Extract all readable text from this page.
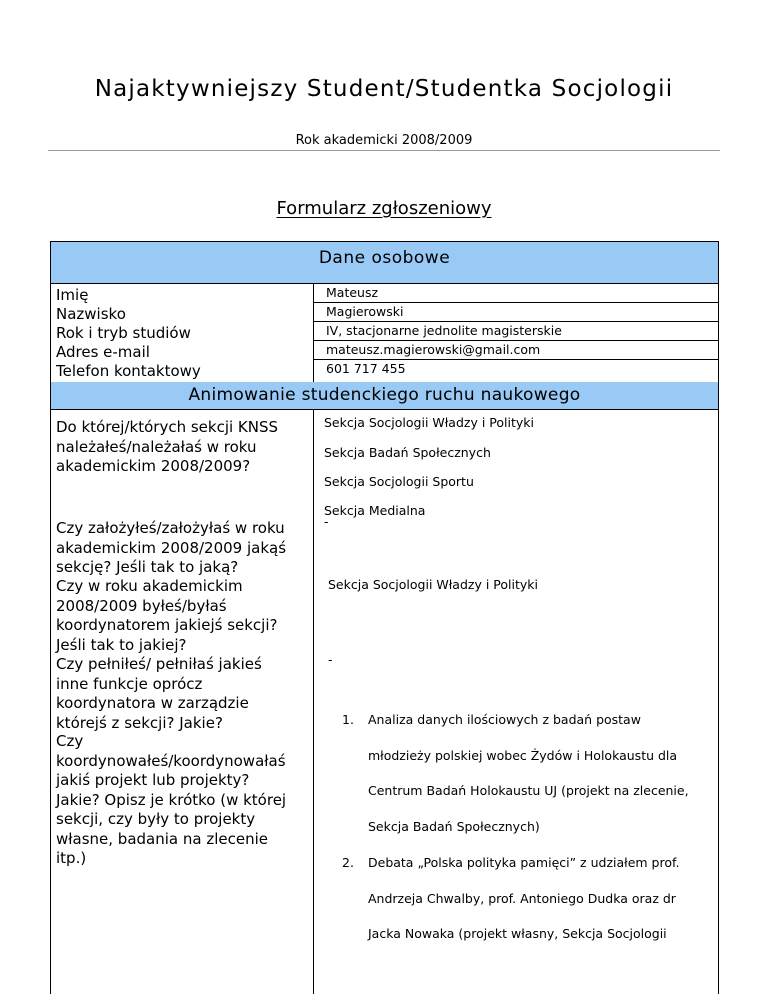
Najaktywniejszy Student/Studentka Socjologii
Rok akademicki 2008/2009
Formularz zgłoszeniowy
Dane osobowe
Imię
Nazwisko
Rok i tryb studiów
Adres e-mail
Telefon kontaktowy
Mateusz
Magierowski
IV, stacjonarne jednolite magisterskie
mateusz.magierowski@gmail.com
601 717 455
Animowanie studenckiego ruchu naukowego
Do której/których sekcji KNSS
należałeś/należałaś w roku
akademickim 2008/2009?
Sekcja Socjologii Władzy i Polityki
Sekcja Badań Społecznych
Sekcja Socjologii Sportu
Sekcja Medialna
Czy założyłeś/założyłaś w roku
akademickim 2008/2009 jakąś
sekcję? Jeśli tak to jaką?
-
Czy w roku akademickim
2008/2009 byłeś/byłaś
koordynatorem jakiejś sekcji?
Jeśli tak to jakiej?
Sekcja Socjologii Władzy i Polityki
Czy pełniłeś/ pełniłaś jakieś
inne funkcje oprócz
koordynatora w zarządzie
którejś z sekcji? Jakie?
-
Czy
koordynowałeś/koordynowałaś
jakiś projekt lub projekty?
Jakie? Opisz je krótko (w której
sekcji, czy były to projekty
własne, badania na zlecenie
itp.)
1. Analiza danych ilościowych z badań postaw
młodzieży polskiej wobec Żydów i Holokaustu dla
Centrum Badań Holokaustu UJ (projekt na zlecenie,
Sekcja Badań Społecznych)
2. Debata „Polska polityka pamięci” z udziałem prof.
Andrzeja Chwalby, prof. Antoniego Dudka oraz dr
Jacka Nowaka (projekt własny, Sekcja Socjologii
